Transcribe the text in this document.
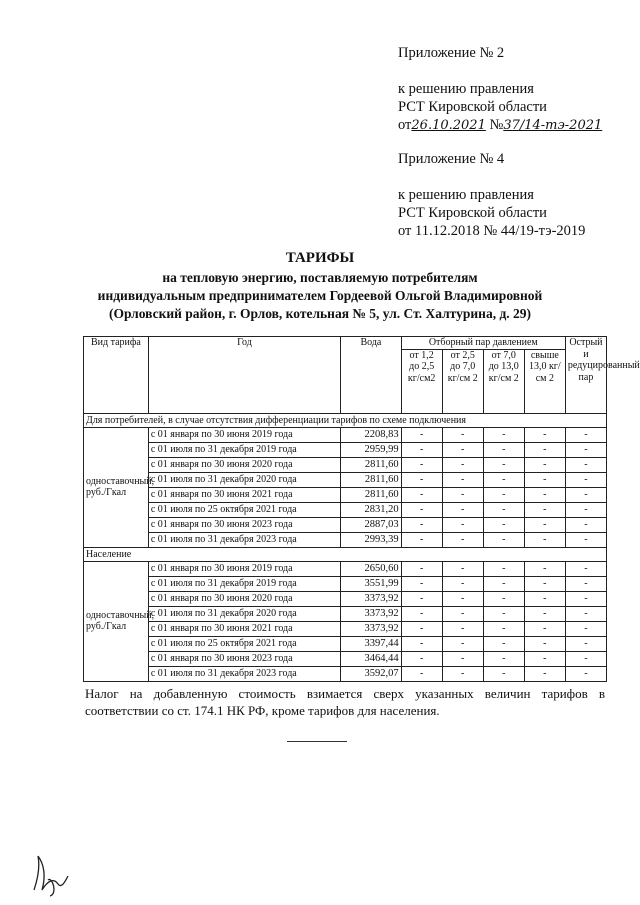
Приложение № 2
к решению правления
РСТ Кировской области
от26.10.2021 №37/14-тэ-2021
Приложение № 4
к решению правления
РСТ Кировской области
от 11.12.2018 № 44/19-тэ-2019
ТАРИФЫ
на тепловую энергию, поставляемую потребителям
индивидуальным предпринимателем Гордеевой Ольгой Владимировной
(Орловский район, г. Орлов, котельная № 5, ул. Ст. Халтурина, д. 29)
Вид тарифа	Год	Вода	Отборный пар давлением				Острый и редуцированный пар
			от 1,2 до 2,5 кг/см2	от 2,5 до 7,0 кг/см 2	от 7,0 до 13,0 кг/см 2	свыше 13,0 кг/см 2	
Для потребителей, в случае отсутствия дифференциации тарифов по схеме подключения							
одноставочный, руб./Гкал	с 01 января по 30 июня 2019 года	2208,83	-	-	-	-	-
	с 01 июля по 31 декабря 2019 года	2959,99	-	-	-	-	-
	с 01 января по 30 июня 2020 года	2811,60	-	-	-	-	-
	с 01 июля по 31 декабря 2020 года	2811,60	-	-	-	-	-
	с 01 января по 30 июня 2021 года	2811,60	-	-	-	-	-
	с 01 июля по 25 октября 2021 года	2831,20	-	-	-	-	-
	с 01 января по 30 июня 2023 года	2887,03	-	-	-	-	-
	с 01 июля по 31 декабря 2023 года	2993,39	-	-	-	-	-
Население							
одноставочный, руб./Гкал	с 01 января по 30 июня 2019 года	2650,60	-	-	-	-	-
	с 01 июля по 31 декабря 2019 года	3551,99	-	-	-	-	-
	с 01 января по 30 июня 2020 года	3373,92	-	-	-	-	-
	с 01 июля по 31 декабря 2020 года	3373,92	-	-	-	-	-
	с 01 января по 30 июня 2021 года	3373,92	-	-	-	-	-
	с 01 июля по 25 октября 2021 года	3397,44	-	-	-	-	-
	с 01 января по 30 июня 2023 года	3464,44	-	-	-	-	-
	с 01 июля по 31 декабря 2023 года	3592,07	-	-	-	-	-
Налог на добавленную стоимость взимается сверх указанных величин тарифов в соответствии со ст. 174.1 НК РФ, кроме тарифов для населения.
